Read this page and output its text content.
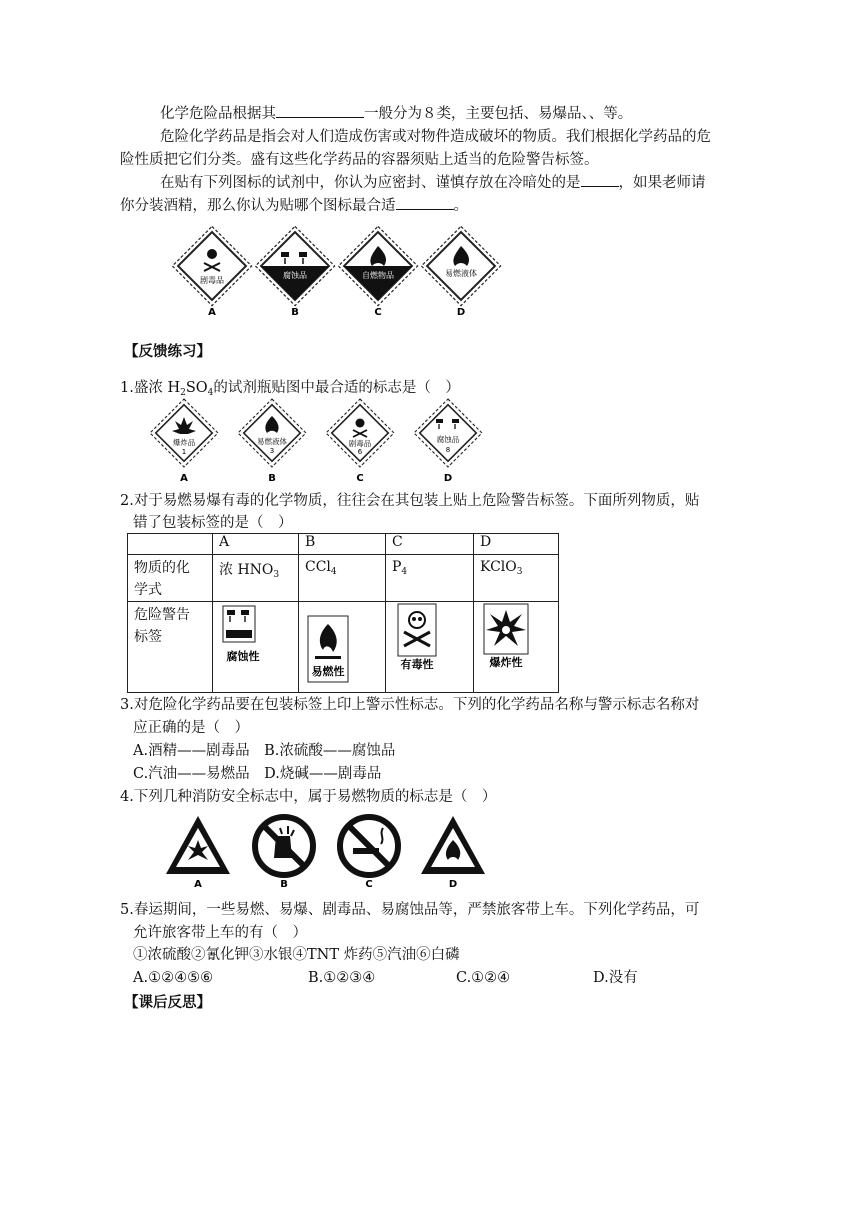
化学危险品根据其	一般分为８类，主要包括、易爆品、、等。
危险化学药品是指会对人们造成伤害或对物件造成破坏的物质。我们根据化学药品的危
险性质把它们分类。盛有这些化学药品的容器须贴上适当的危险警告标签。
在贴有下列图标的试剂中，你认为应密封、谨慎存放在冷暗处的是	，如果老师请
你分装酒精，那么你认为贴哪个图标最合适	。
剧毒品
腐蚀品	自燃物品	易燃液体
A	B	C	D
【反馈练习】
1.盛浓 $H_2SO_4$的试剂瓶贴图中最合适的标志是（　）
爆炸品
1
易燃液体
3
剧毒品
6
腐蚀品
8
A	B	C	D
2.对于易燃易爆有毒的化学物质，往往会在其包装上贴上危险警告标签。下面所列物质，贴
错了包装标签的是（　）
	A	B	C	D

物质的化
学式	浓 $HNO_3$	CCl$_4$	$P_4$	KClO$_3$

危险警告
标签	腐蚀性	易燃性	有毒性	爆炸性
3.对危险化学药品要在包装标签上印上警示性标志。下列的化学药品名称与警示标志名称对
应正确的是（　）
A.酒精——剧毒品　B.浓硫酸——腐蚀品
C.汽油——易燃品　D.烧碱——剧毒品
4.下列几种消防安全标志中，属于易燃物质的标志是（　）
A	B	C	D
5.春运期间，一些易燃、易爆、剧毒品、易腐蚀品等，严禁旅客带上车。下列化学药品，可
允许旅客带上车的有（　）
①浓硫酸②氰化钾③水银④TNT 炸药⑤汽油⑥白磷
A.①②④⑤⑥	B.①②③④	C.①②④	D.没有
【课后反思】
